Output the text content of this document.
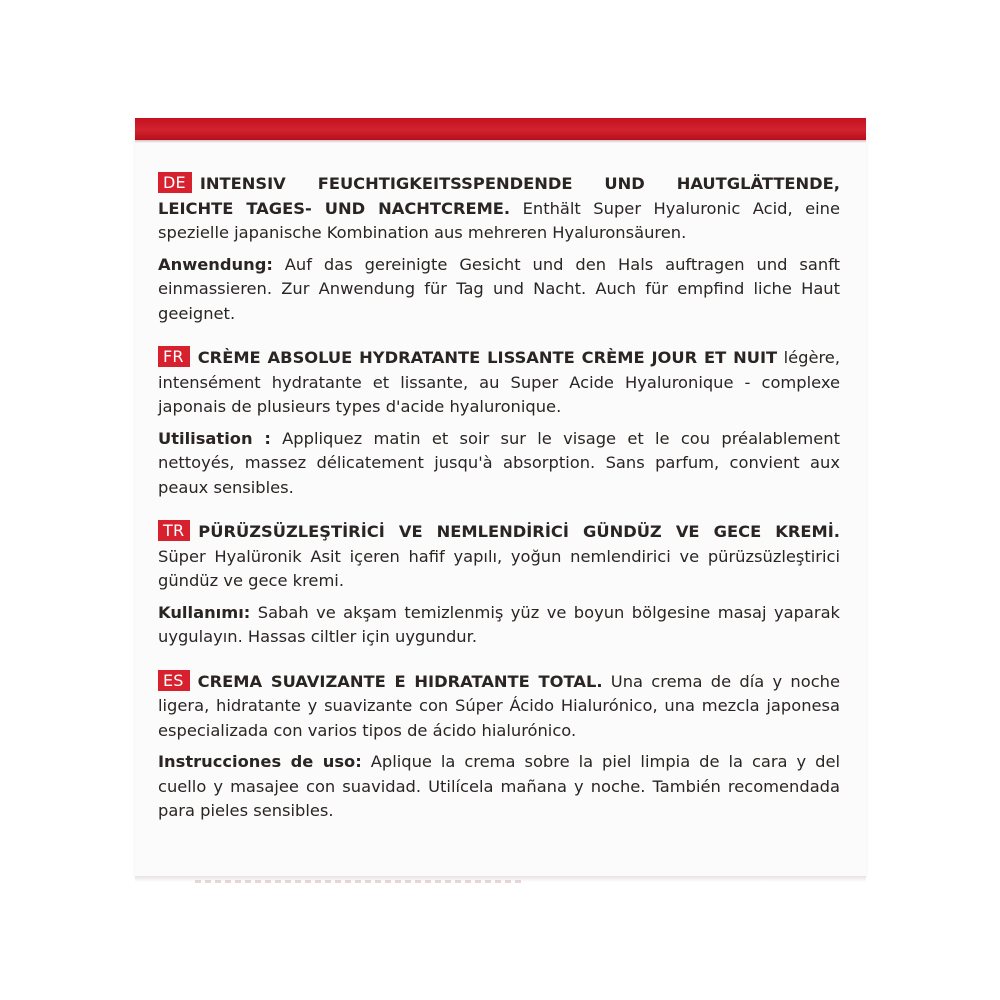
DE INTENSIV FEUCHTIGKEITSSPENDENDE UND HAUTGLÄTTENDE, LEICHTE TAGES- UND NACHTCREME. Enthält Super Hyaluronic Acid, eine spezielle japanische Kombination aus mehreren Hyaluronsäuren.

Anwendung: Auf das gereinigte Gesicht und den Hals auftragen und sanft einmassieren. Zur Anwendung für Tag und Nacht. Auch für empfind liche Haut geeignet.

FR CRÈME ABSOLUE HYDRATANTE LISSANTE CRÈME JOUR ET NUIT légère, intensément hydratante et lissante, au Super Acide Hyaluronique - complexe japonais de plusieurs types d'acide hyaluronique.

Utilisation : Appliquez matin et soir sur le visage et le cou préalablement nettoyés, massez délicatement jusqu'à absorption. Sans parfum, convient aux peaux sensibles.

TR PÜRÜZSÜZLEŞTİRİCİ VE NEMLENDİRİCİ GÜNDÜZ VE GECE KREMİ. Süper Hyalüronik Asit içeren hafif yapılı, yoğun nemlendirici ve pürüzsüzleştirici gündüz ve gece kremi.

Kullanımı: Sabah ve akşam temizlenmiş yüz ve boyun bölgesine masaj yaparak uygulayın. Hassas ciltler için uygundur.

ES CREMA SUAVIZANTE E HIDRATANTE TOTAL. Una crema de día y noche ligera, hidratante y suavizante con Súper Ácido Hialurónico, una mezcla japonesa especializada con varios tipos de ácido hialurónico.

Instrucciones de uso: Aplique la crema sobre la piel limpia de la cara y del cuello y masajee con suavidad. Utilícela mañana y noche. También recomendada para pieles sensibles.
